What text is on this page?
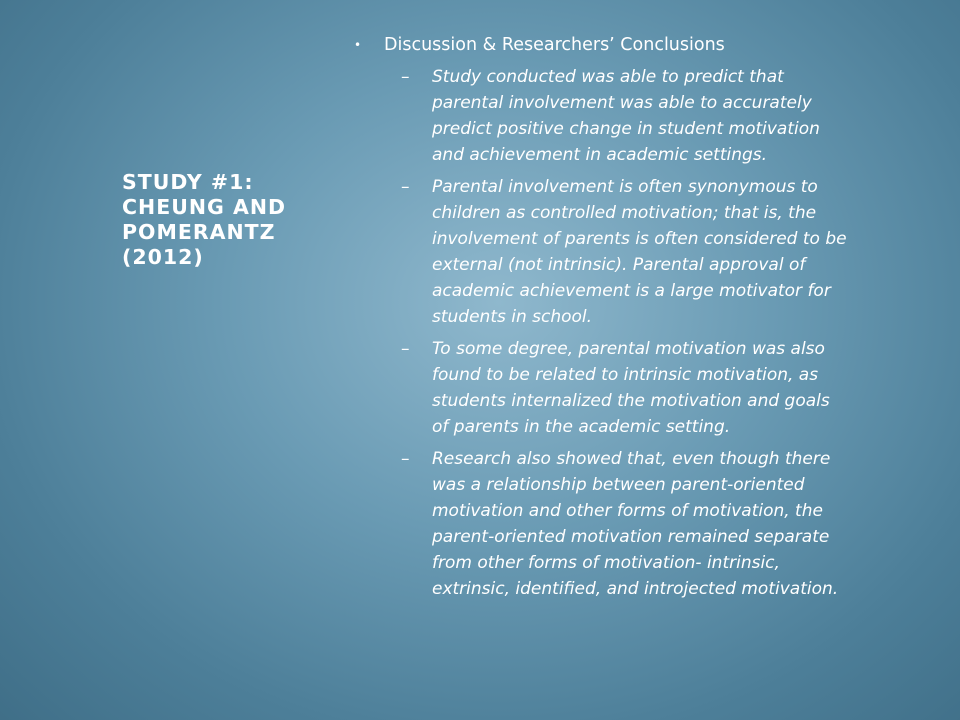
STUDY #1:
CHEUNG AND
POMERANTZ
(2012)
• Discussion & Researchers’ Conclusions
– Study conducted was able to predict that
parental involvement was able to accurately
predict positive change in student motivation
and achievement in academic settings.
– Parental involvement is often synonymous to
children as controlled motivation; that is, the
involvement of parents is often considered to be
external (not intrinsic). Parental approval of
academic achievement is a large motivator for
students in school.
– To some degree, parental motivation was also
found to be related to intrinsic motivation, as
students internalized the motivation and goals
of parents in the academic setting.
– Research also showed that, even though there
was a relationship between parent-oriented
motivation and other forms of motivation, the
parent-oriented motivation remained separate
from other forms of motivation- intrinsic,
extrinsic, identified, and introjected motivation.
